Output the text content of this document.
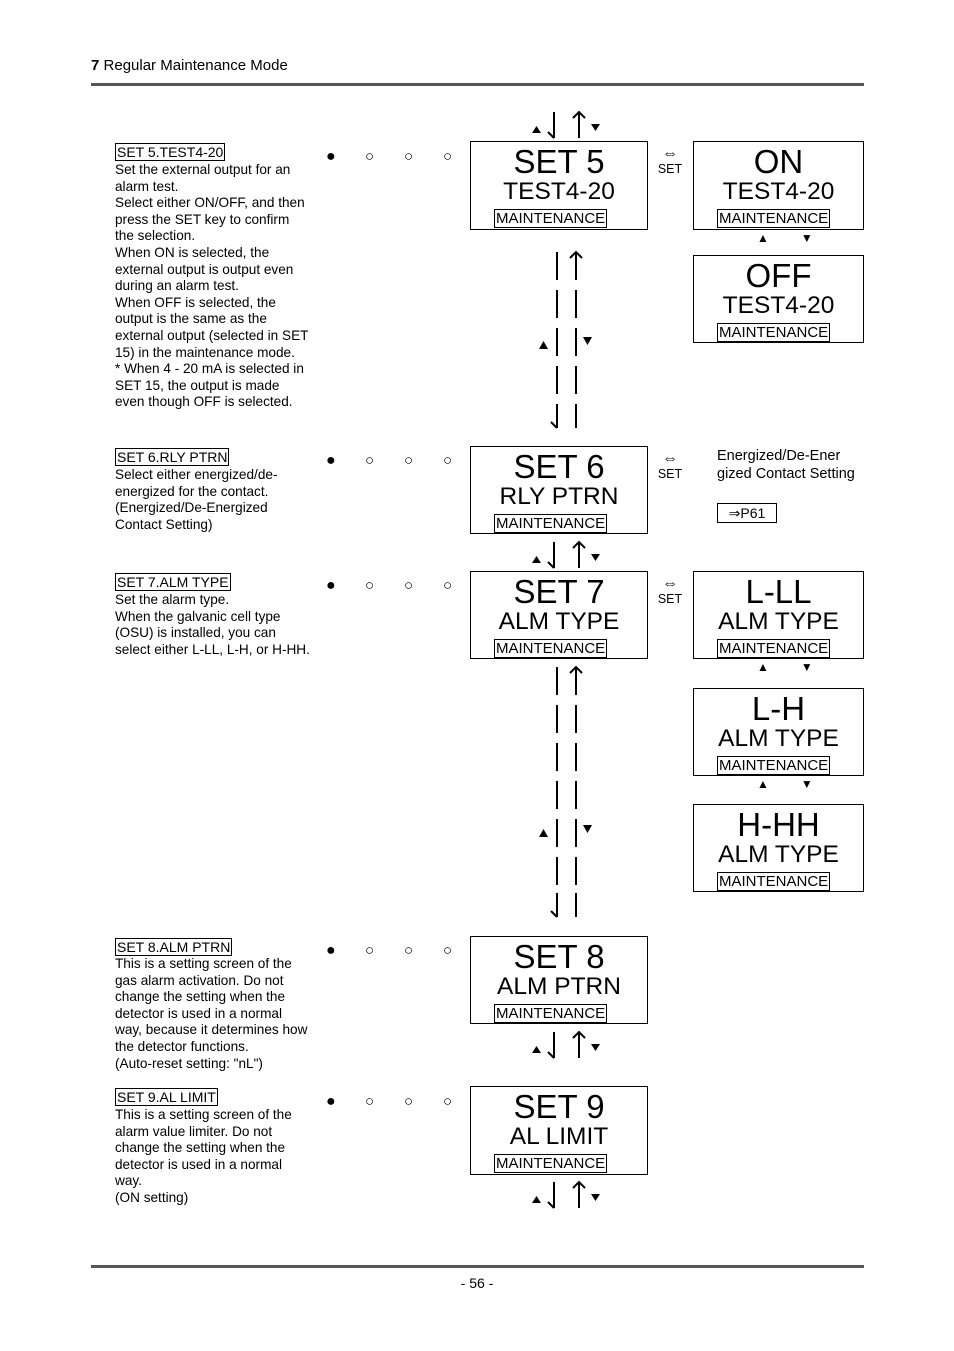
7 Regular Maintenance Mode
SET 5.TEST4-20
Set the external output for an alarm test.
Select either ON/OFF, and then press the SET key to confirm the selection.
When ON is selected, the external output is output even during an alarm test.
When OFF is selected, the output is the same as the external output (selected in SET 15) in the maintenance mode.
* When 4 - 20 mA is selected in SET 15, the output is made even though OFF is selected.
● ○ ○ ○	SET 5
TEST4-20
MAINTENANCE
⇔
SET	ON
TEST4-20
MAINTENANCE
▲	▼
OFF
TEST4-20
MAINTENANCE
SET 6.RLY PTRN
Select either energized/de-energized for the contact.
(Energized/De-Energized Contact Setting)
● ○ ○ ○	SET 6
RLY PTRN
MAINTENANCE
⇔
SET
Energized/De-Ener gized Contact Setting
⇒P61
SET 7.ALM TYPE
Set the alarm type.
When the galvanic cell type (OSU) is installed, you can select either L-LL, L-H, or H-HH.
● ○ ○ ○	SET 7
ALM TYPE
MAINTENANCE
⇔
SET	L-LL
ALM TYPE
MAINTENANCE
▲	▼
L-H
ALM TYPE
MAINTENANCE
▲	▼
H-HH
ALM TYPE
MAINTENANCE
SET 8.ALM PTRN
This is a setting screen of the gas alarm activation. Do not change the setting when the detector is used in a normal way, because it determines how the detector functions.
(Auto-reset setting: "nL")
● ○ ○ ○	SET 8
ALM PTRN
MAINTENANCE
SET 9.AL LIMIT
This is a setting screen of the alarm value limiter. Do not change the setting when the detector is used in a normal way.
(ON setting)
● ○ ○ ○	SET 9
AL LIMIT
MAINTENANCE
- 56 -
